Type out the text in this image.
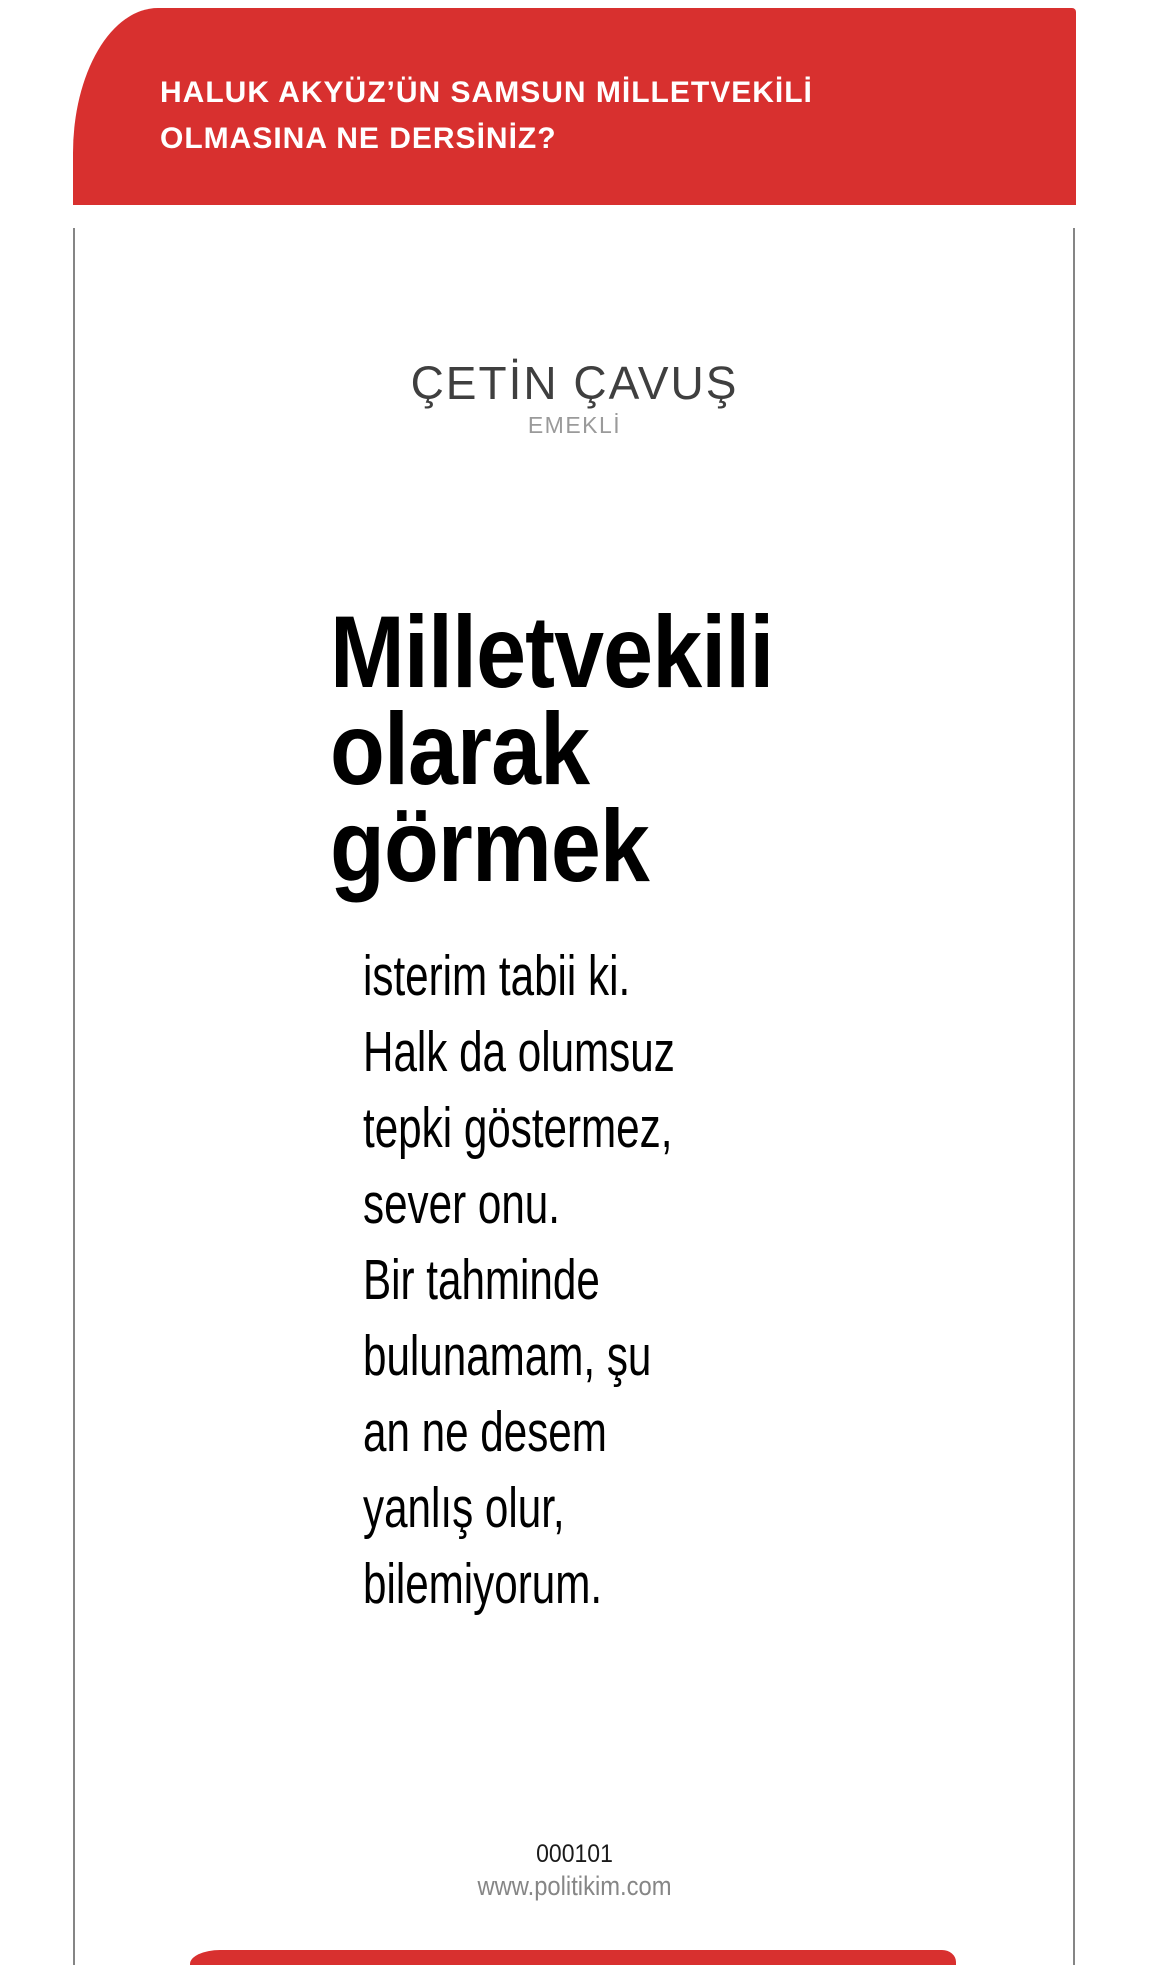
HALUK AKYÜZ’ÜN SAMSUN MİLLETVEKİLİ
OLMASINA NE DERSİNİZ?
ÇETİN ÇAVUŞ
EMEKLİ
Milletvekili
olarak
görmek
isterim tabii ki.
Halk da olumsuz
tepki göstermez,
sever onu.
Bir tahminde
bulunamam, şu
an ne desem
yanlış olur,
bilemiyorum.
000101
www.politikim.com
